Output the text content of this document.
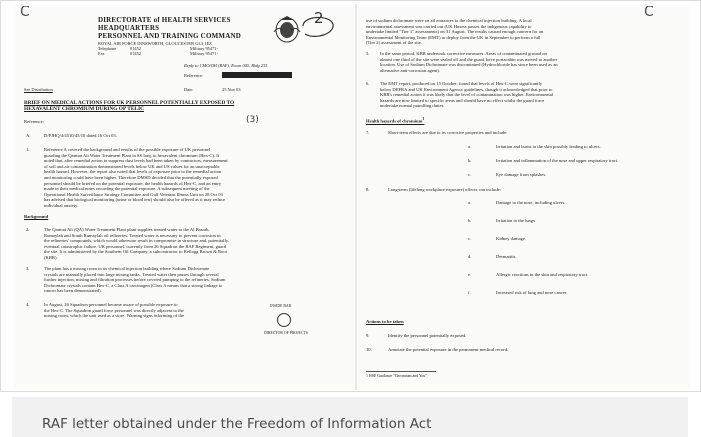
C	DIRECTORATE of HEALTH SERVICES
HEADQUARTERS
PERSONNEL AND TRAINING COMMAND
ROYAL AIR FORCE INNSWORTH, GLOUCESTER GL3 1EZ
Telephone	01452	Military 95471-
Fax	01452	Military 95471-
2
Reply to CMO/OH (RAF), Room 005, Bldg 235
Reference:
See Distribution	Date:	25 Nov 03
BRIEF ON MEDICAL ACTIONS FOR UK PERSONNEL POTENTIALLY EXPOSED TO
HEXAVALENT CHROMIUM DURING OP TELIC
Reference:	(3)
A.	D/PJHQ/4/4510/45/10 dated 16 Oct 03.
1.	Reference A covered the background and results of the possible exposure of UK personnel
guarding the Qarmat Ali Water Treatment Plant in SS Iraq, to hexavalent chromium (Hex-C). It
noted that, after remedial action to suppress dust levels had been taken by contractors, measurement
of soil and air contamination demonstrated levels below UK and US values for an unacceptable
health hazard. However, the report also noted that levels of exposure prior to the remedial action
and monitoring could have been higher. Therefore DMSD decided that the potentially exposed
personnel should be briefed on the potential exposure, the health hazards of Hex-C, and an entry
made in their medical notes recording the potential exposure. A subsequent meeting of the
Operational Health Surveillance Strategy Committee and Gulf Veterans Illness Unit on 28 Oct 03
has advised that biological monitoring (urine or blood test) should also be offered as it may reduce
individual anxiety.
Background
2.	The Qarmat Ali (QA) Water Treatment Plant plant supplies treated water to the Al Basrah,
Rumaylah and South Rumaylah oil refineries. Treated water is necessary to prevent corrosion in
the refineries' compounds, which would otherwise result in compromise in structure and, potentially,
eventual catastrophic failure. UK personnel, currently from 26 Squadron the RAF Regiment, guard
the site. It is administered by the Southern Oil Company, a subcontractor to Kellogg Brown & Root
(KBR).
3.	The plant has a mixing room in its chemical injection building where Sodium Dichromate
crystals are manually placed into large mixing tanks. Treated water then passes through several
further injection, mixing and filtration processes before covered pumping to the refineries. Sodium
Dichromate crystals contain Hex-C, a Class A carcinogen (Class A means that a strong linkage to
cancer has been demonstrated).
4.	In August, 26 Squadron personnel became aware of possible exposure to
the Hex-C. The Squadron guard force personnel was directly adjacent to the
mixing room, which the unit used as a store. Warning signs informing of the
INSIDE BAR
DIRECTOR OF PROJECTS
C
use of sodium dichromate were on all entrances to the chemical injection building. A local
environmental assessment was carried out (UK Hmoss passes the indigenous capability to
undertake limited "Tier 1" assessments) on 31 August. The results caused enough concern for an
Environmental Monitoring Team (EMT) to deploy from the UK in September to perform a full
(Tier 2) assessment of the site.
5. In the same period, KBR undertook corrective measures. Areas of contaminated ground on
almost one third of the site were sealed off and the guard force portacabin was moved to another
location. Use of Sodium Dichromate was discontinued (Hydrochloride has since been used as an
alternative anti-corrosion agent).
6. The EMT report, produced on 15 October, found that levels of Hex-C were significantly
below DEFRA and UK Environment Agency guidelines, though it acknowledged that prior to
KBR's remedial action it was likely that the level of contamination was higher. Environmental
hazards are now limited to specific areas and should have no effect whilst the guard force
undertake normal patrolling duties.
Health hazards of chromium$^1$
7.	Short-term effects are due to its corrosive properties and include:
a.	Irritation and burns to the skin possibly leading to ulcers.
b.	Irritation and inflammation of the nose and upper respiratory tract.
c.	Eye damage from splashes.
8.	Long-term (lifelong workplace exposure) effects can include:
a.	Damage to the nose, including ulcers.
b.	Irritation to the lungs.
c.	Kidney damage.
d.	Dermatitis.
e.	Allergic reactions in the skin and respiratory tract.
f.	Increased risk of lung and nose cancer.
Actions to be taken
9.	Identify the personnel potentially exposed.
10.	Annotate the potential exposure in the permanent medical record.
1 HSE Guidance "Chromium and You"
RAF letter obtained under the Freedom of Information Act
